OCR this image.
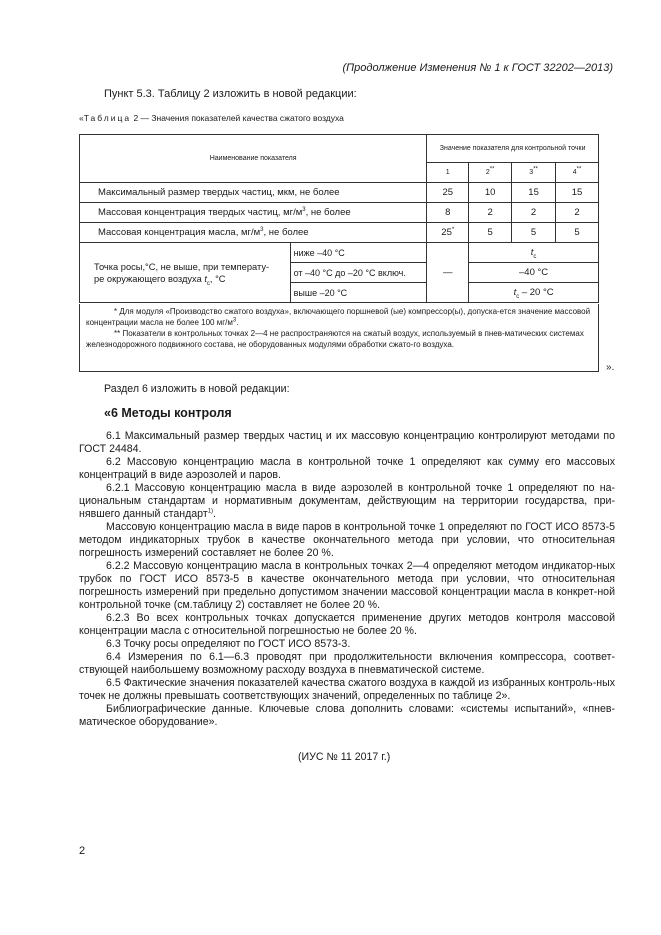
(Продолжение Изменения № 1 к ГОСТ 32202—2013)
Пункт 5.3. Таблицу 2 изложить в новой редакции:
«Таблица 2 — Значения показателей качества сжатого воздуха
Наименование показателя		Значение показателя для контрольной точки			
		1	2**	3**	4**
Максимальный размер твердых частиц, мкм, не более		25	10	15	15
Массовая концентрация твердых частиц, $мг/м^3$, не более		8	2	2	2
Массовая концентрация масла, $мг/м^3$, не более		25*	5	5	5
Точка росы,°С, не выше, при температу-
ре окружающего воздуха $t_c$, °С	ниже –40 °С	—	$t_c$
	от –40 °С до –20 °С включ.		–40 °С		
	выше –20 °С		$t_c - 20$ °С		

* Для модуля «Производство сжатого воздуха», включающего поршневой (ые) компрессор(ы), допуска-ется значение массовой концентрации масла не более 100 $мг/м^3$.

** Показатели в контрольных точках 2—4 не распространяются на сжатый воздух, используемый в пнев-матических системах железнодорожного подвижного состава, не оборудованных модулями обработки сжато-го воздуха.

».
Раздел 6 изложить в новой редакции:
«6 Методы контроля

6.1 Максимальный размер твердых частиц и их массовую концентрацию контролируют методами по ГОСТ 24484.

6.2 Массовую концентрацию масла в контрольной точке 1 определяют как сумму его массовых концентраций в виде аэрозолей и паров.

6.2.1 Массовую концентрацию масла в виде аэрозолей в контрольной точке 1 определяют по на-циональным стандартам и нормативным документам, действующим на территории государства, при-нявшего данный стандарт$^{1)}$.

Массовую концентрацию масла в виде паров в контрольной точке 1 определяют по ГОСТ ИСО 8573-5 методом индикаторных трубок в качестве окончательного метода при условии, что относительная погрешность измерений составляет не более 20 %.

6.2.2 Массовую концентрацию масла в контрольных точках 2—4 определяют методом индикатор-ных трубок по ГОСТ ИСО 8573-5 в качестве окончательного метода при условии, что относительная погрешность измерений при предельно допустимом значении массовой концентрации масла в конкрет-ной контрольной точке (см.таблицу 2) составляет не более 20 %.

6.2.3 Во всех контрольных точках допускается применение других методов контроля массовой концентрации масла с относительной погрешностью не более 20 %.

6.3 Точку росы определяют по ГОСТ ИСО 8573-3.

6.4 Измерения по 6.1—6.3 проводят при продолжительности включения компрессора, соответ-ствующей наибольшему возможному расходу воздуха в пневматической системе.

6.5 Фактические значения показателей качества сжатого воздуха в каждой из избранных контроль-ных точек не должны превышать соответствующих значений, определенных по таблице 2».

Библиографические данные. Ключевые слова дополнить словами: «системы испытаний», «пнев-матическое оборудование».

(ИУС № 11 2017 г.)
2
